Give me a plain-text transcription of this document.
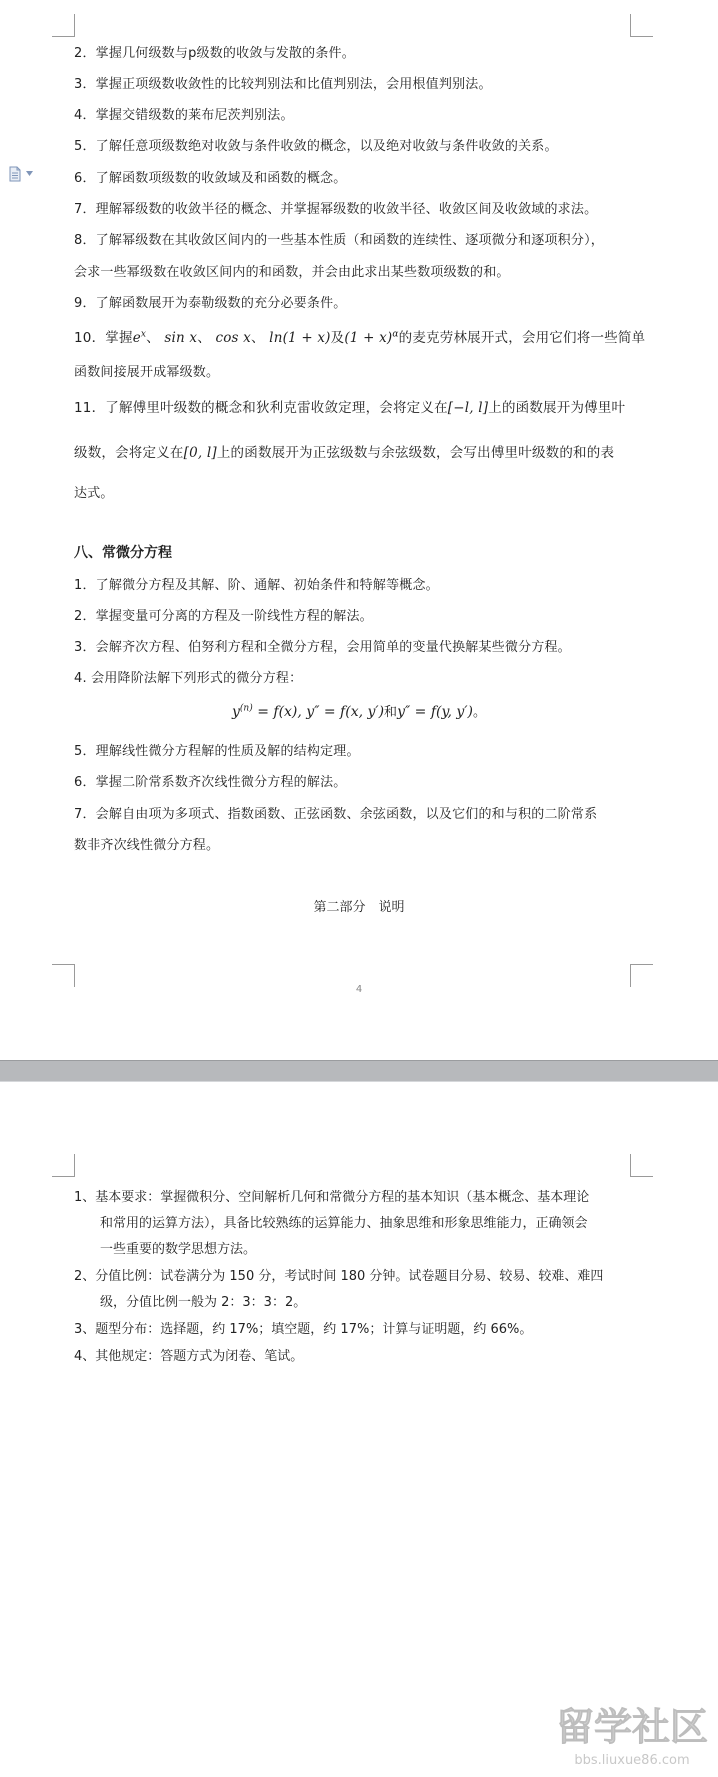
2．掌握几何级数与p级数的收敛与发散的条件。
3．掌握正项级数收敛性的比较判别法和比值判别法，会用根值判别法。
4．掌握交错级数的莱布尼茨判别法。
5．了解任意项级数绝对收敛与条件收敛的概念，以及绝对收敛与条件收敛的关系。
6．了解函数项级数的收敛域及和函数的概念。
7．理解幂级数的收敛半径的概念、并掌握幂级数的收敛半径、收敛区间及收敛域的求法。
8．了解幂级数在其收敛区间内的一些基本性质（和函数的连续性、逐项微分和逐项积分），
会求一些幂级数在收敛区间内的和函数，并会由此求出某些数项级数的和。
9．了解函数展开为泰勒级数的充分必要条件。
10．掌握$e^x$、 sin x、 cos x、 ln(1 + x)及$(1 + x)^\alpha$的麦克劳林展开式，会用它们将一些简单
函数间接展开成幂级数。
11．了解傅里叶级数的概念和狄利克雷收敛定理，会将定义在[−l, l]上的函数展开为傅里叶
级数，会将定义在[0, l]上的函数展开为正弦级数与余弦级数，会写出傅里叶级数的和的表
达式。
八、常微分方程
1．了解微分方程及其解、阶、通解、初始条件和特解等概念。
2．掌握变量可分离的方程及一阶线性方程的解法。
3．会解齐次方程、伯努利方程和全微分方程，会用简单的变量代换解某些微分方程。
4. 会用降阶法解下列形式的微分方程：
$y^{(n)} = f(x)$, y″ = f(x, y′)和y″ = f(y, y′)。
5．理解线性微分方程解的性质及解的结构定理。
6．掌握二阶常系数齐次线性微分方程的解法。
7．会解自由项为多项式、指数函数、正弦函数、余弦函数，以及它们的和与积的二阶常系
数非齐次线性微分方程。
第二部分　说明
4
1、基本要求：掌握微积分、空间解析几何和常微分方程的基本知识（基本概念、基本理论
和常用的运算方法），具备比较熟练的运算能力、抽象思维和形象思维能力，正确领会
一些重要的数学思想方法。
2、分值比例：试卷满分为 150 分，考试时间 180 分钟。试卷题目分易、较易、较难、难四
级，分值比例一般为 2：3：3：2。
3、题型分布：选择题，约 17%；填空题，约 17%；计算与证明题，约 66%。
4、其他规定：答题方式为闭卷、笔试。
留学社区
bbs.liuxue86.com
